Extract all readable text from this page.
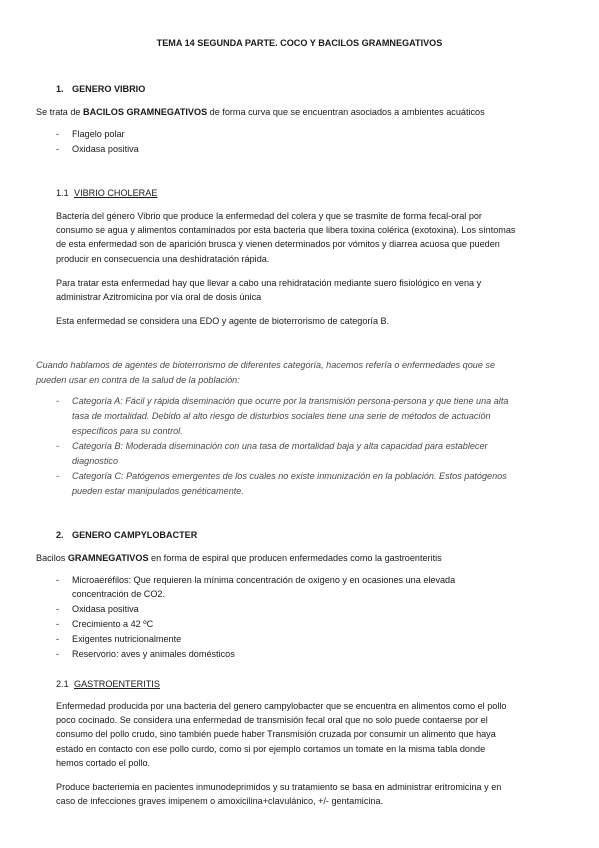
TEMA 14 SEGUNDA PARTE. COCO Y BACILOS GRAMNEGATIVOS
1. GENERO VIBRIO
Se trata de BACILOS GRAMNEGATIVOS de forma curva que se encuentran asociados a ambientes acuáticos
- Flagelo polar
- Oxidasa positiva
1.1 VIBRIO CHOLERAE
Bacteria del género Vibrio que produce la enfermedad del colera y que se trasmite de forma fecal-oral por
consumo se agua y alimentos contaminados por esta bacteria que libera toxina colérica (exotoxina). Los síntomas
de esta enfermedad son de aparición brusca y vienen determinados por vómitos y diarrea acuosa que pueden
producir en consecuencia una deshidratación rápida.
Para tratar esta enfermedad hay que llevar a cabo una rehidratación mediante suero fisiológico en vena y
administrar Azitromicina por vía oral de dosis única
Esta enfermedad se considera una EDO y agente de bioterrorismo de categoría B.
Cuando hablamos de agentes de bioterrorismo de diferentes categoría, hacemos refería o enfermedades qoue se
pueden usar en contra de la salud de la población:
- Categoría A: Fácil y rápida diseminación que ocurre por la transmisión persona-persona y que tiene una alta
tasa de mortalidad. Debido al alto riesgo de disturbios sociales tiene una serie de métodos de actuación
específicos para su control.
- Categoría B: Moderada diseminación con una tasa de mortalidad baja y alta capacidad para establecer
diagnostico
- Categoría C: Patógenos emergentes de los cuales no existe inmunización en la población. Estos patógenos
pueden estar manipulados genéticamente.
2. GENERO CAMPYLOBACTER
Bacilos GRAMNEGATIVOS en forma de espiral que producen enfermedades como la gastroenteritis
- Microaeréfilos: Que requieren la mínima concentración de oxigeno y en ocasiones una elevada
concentración de CO2.
- Oxidasa positiva
- Crecimiento a 42 ºC
- Exigentes nutricionalmente
- Reservorio: aves y animales domésticos
2.1 GASTROENTERITIS
Enfermedad producida por una bacteria del genero campylobacter que se encuentra en alimentos como el pollo
poco cocinado. Se considera una enfermedad de transmisión fecal oral que no solo puede contaerse por el
consumo del pollo crudo, sino también puede haber Transmisión cruzada por consumir un alimento que haya
estado en contacto con ese pollo curdo, como si por ejemplo cortamos un tomate en la misma tabla donde
hemos cortado el pollo.
Produce bacteriemia en pacientes inmunodeprimidos y su tratamiento se basa en administrar eritromicina y en
caso de infecciones graves imipenem o amoxicilina+clavulánico, +/- gentamicina.
